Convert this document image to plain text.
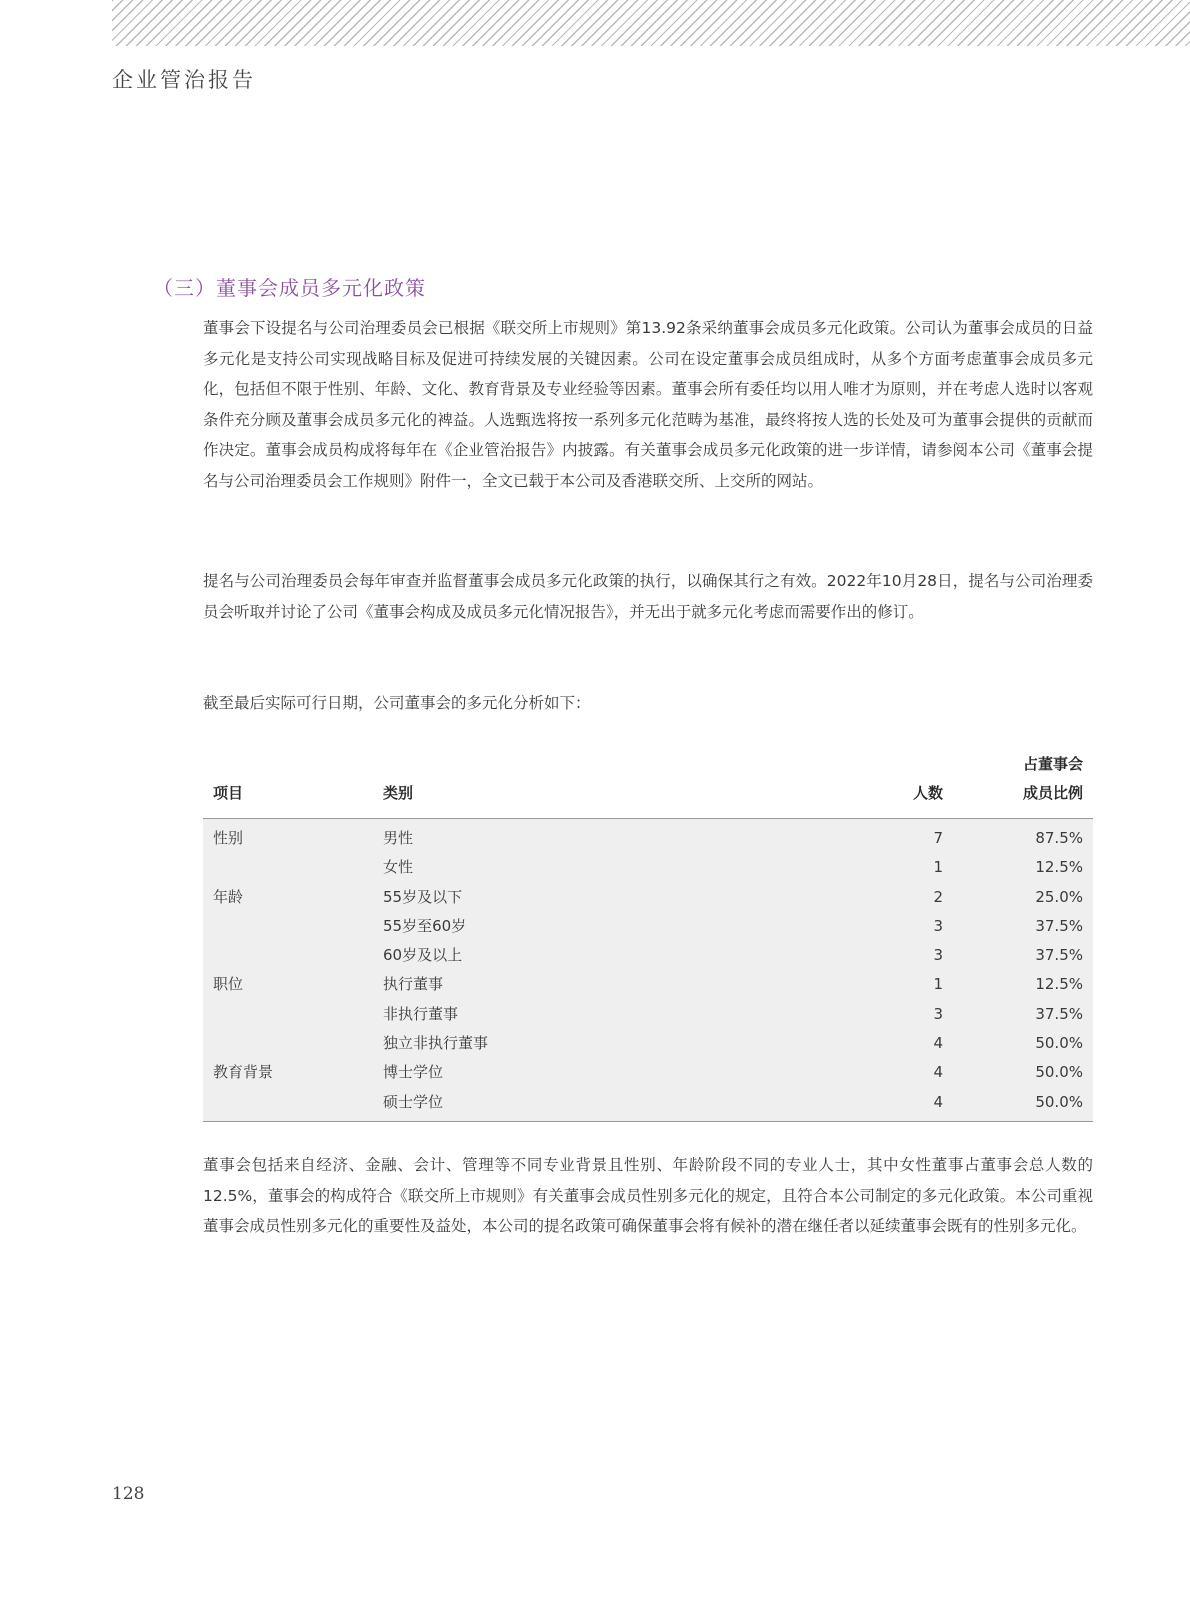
企业管治报告
（三）董事会成员多元化政策

董事会下设提名与公司治理委员会已根据《联交所上市规则》第13.92条采纳董事会成员多元化政策。公司认为董事会成员的日益多元化是支持公司实现战略目标及促进可持续发展的关键因素。公司在设定董事会成员组成时，从多个方面考虑董事会成员多元化，包括但不限于性别、年龄、文化、教育背景及专业经验等因素。董事会所有委任均以用人唯才为原则，并在考虑人选时以客观条件充分顾及董事会成员多元化的裨益。人选甄选将按一系列多元化范畴为基准，最终将按人选的长处及可为董事会提供的贡献而作决定。董事会成员构成将每年在《企业管治报告》内披露。有关董事会成员多元化政策的进一步详情，请参阅本公司《董事会提名与公司治理委员会工作规则》附件一，全文已载于本公司及香港联交所、上交所的网站。

提名与公司治理委员会每年审查并监督董事会成员多元化政策的执行，以确保其行之有效。2022年10月28日，提名与公司治理委员会听取并讨论了公司《董事会构成及成员多元化情况报告》，并无出于就多元化考虑而需要作出的修订。

截至最后实际可行日期，公司董事会的多元化分析如下：

项目	类别	人数	占董事会
成员比例
性别	男性	7	87.5%
	女性	1	12.5%
年龄	55岁及以下	2	25.0%
	55岁至60岁	3	37.5%
	60岁及以上	3	37.5%
职位	执行董事	1	12.5%
	非执行董事	3	37.5%
	独立非执行董事	4	50.0%
教育背景	博士学位	4	50.0%
	硕士学位	4	50.0%

董事会包括来自经济、金融、会计、管理等不同专业背景且性别、年龄阶段不同的专业人士，其中女性董事占董事会总人数的12.5%，董事会的构成符合《联交所上市规则》有关董事会成员性别多元化的规定，且符合本公司制定的多元化政策。本公司重视董事会成员性别多元化的重要性及益处，本公司的提名政策可确保董事会将有候补的潜在继任者以延续董事会既有的性别多元化。

128
